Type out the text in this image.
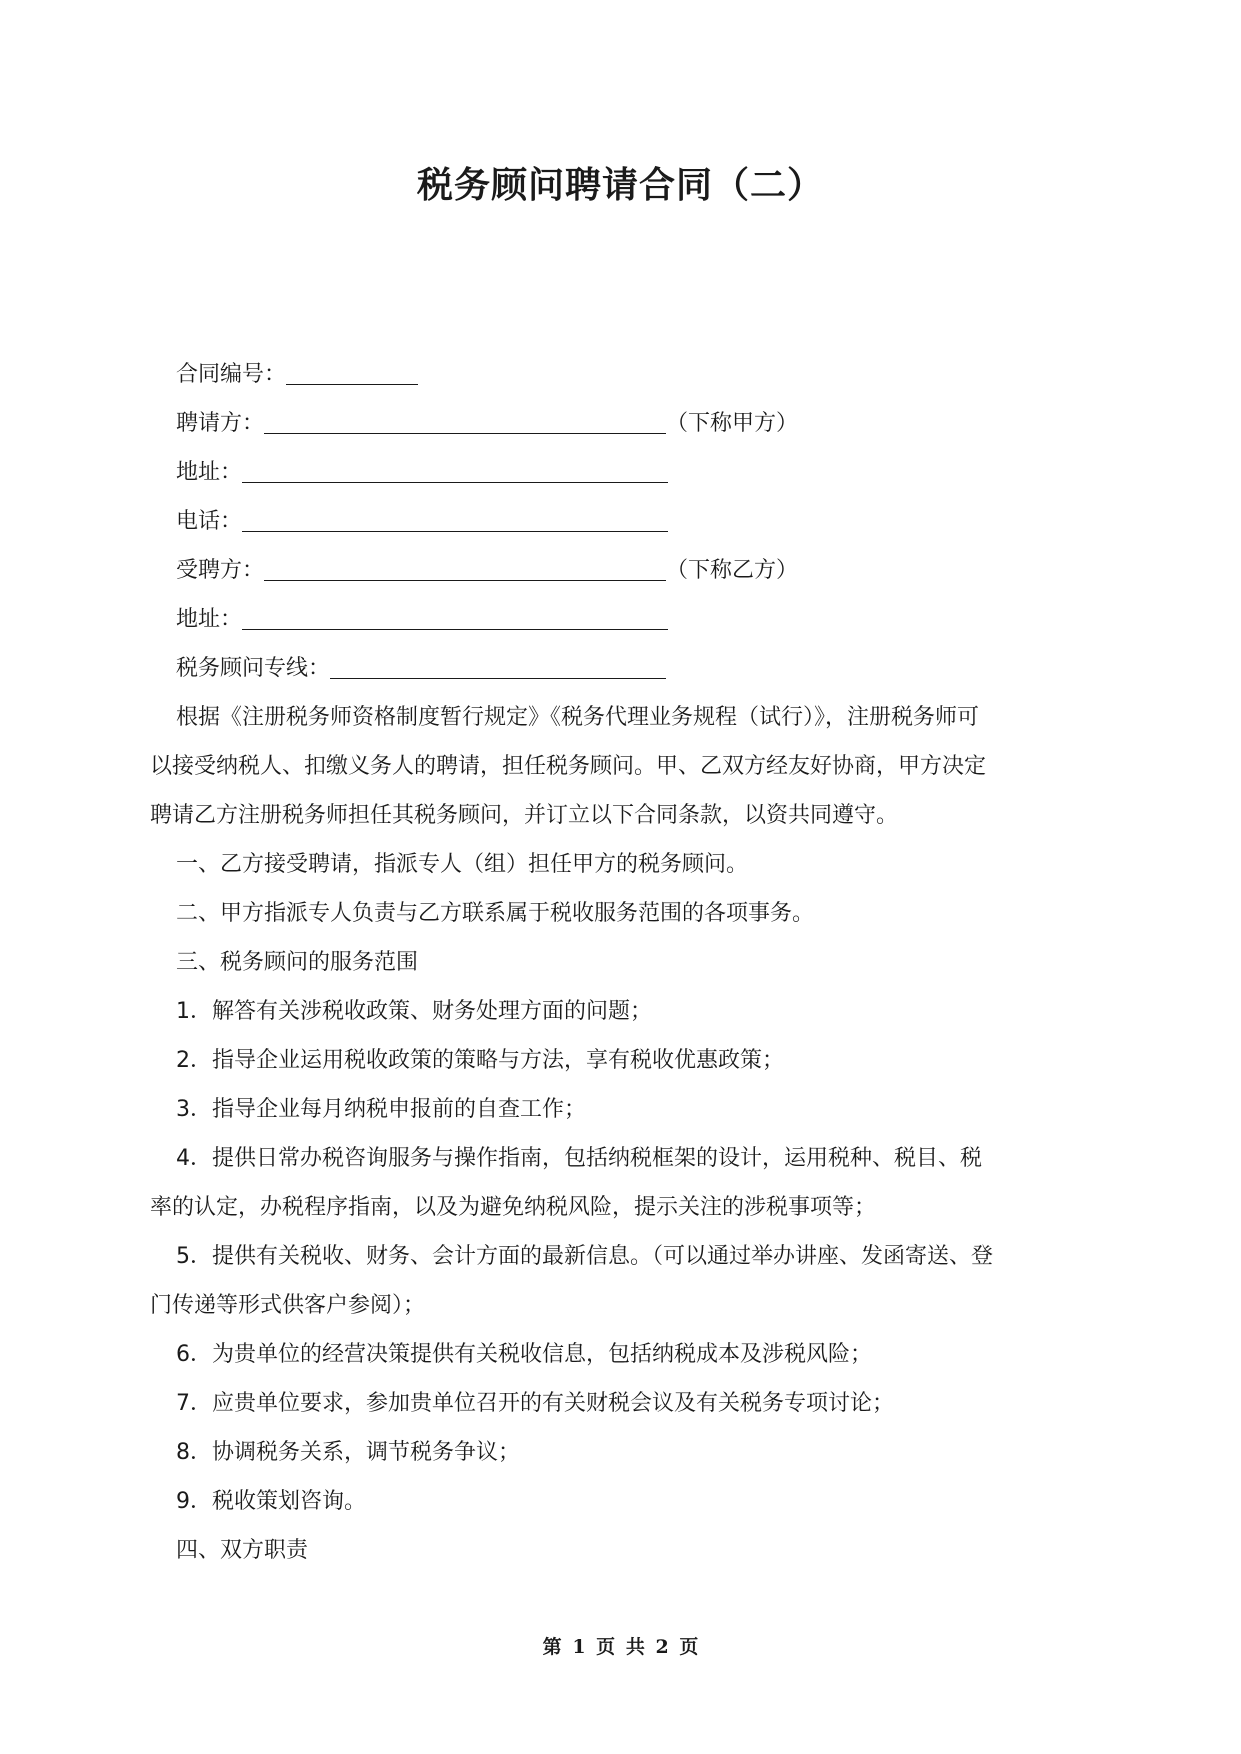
税务顾问聘请合同（二）
合同编号：
聘请方：	（下称甲方）
地址：
电话：
受聘方：	（下称乙方）
地址：
税务顾问专线：
根据《注册税务师资格制度暂行规定》《税务代理业务规程（试行）》，注册税务师可
以接受纳税人、扣缴义务人的聘请，担任税务顾问。甲、乙双方经友好协商，甲方决定
聘请乙方注册税务师担任其税务顾问，并订立以下合同条款，以资共同遵守。
一、乙方接受聘请，指派专人（组）担任甲方的税务顾问。
二、甲方指派专人负责与乙方联系属于税收服务范围的各项事务。
三、税务顾问的服务范围
1．解答有关涉税收政策、财务处理方面的问题；
2．指导企业运用税收政策的策略与方法，享有税收优惠政策；
3．指导企业每月纳税申报前的自查工作；
4．提供日常办税咨询服务与操作指南，包括纳税框架的设计，运用税种、税目、税
率的认定，办税程序指南，以及为避免纳税风险，提示关注的涉税事项等；
5．提供有关税收、财务、会计方面的最新信息。（可以通过举办讲座、发函寄送、登
门传递等形式供客户参阅）；
6．为贵单位的经营决策提供有关税收信息，包括纳税成本及涉税风险；
7．应贵单位要求，参加贵单位召开的有关财税会议及有关税务专项讨论；
8．协调税务关系，调节税务争议；
9．税收策划咨询。
四、双方职责
第 1 页 共 2 页
